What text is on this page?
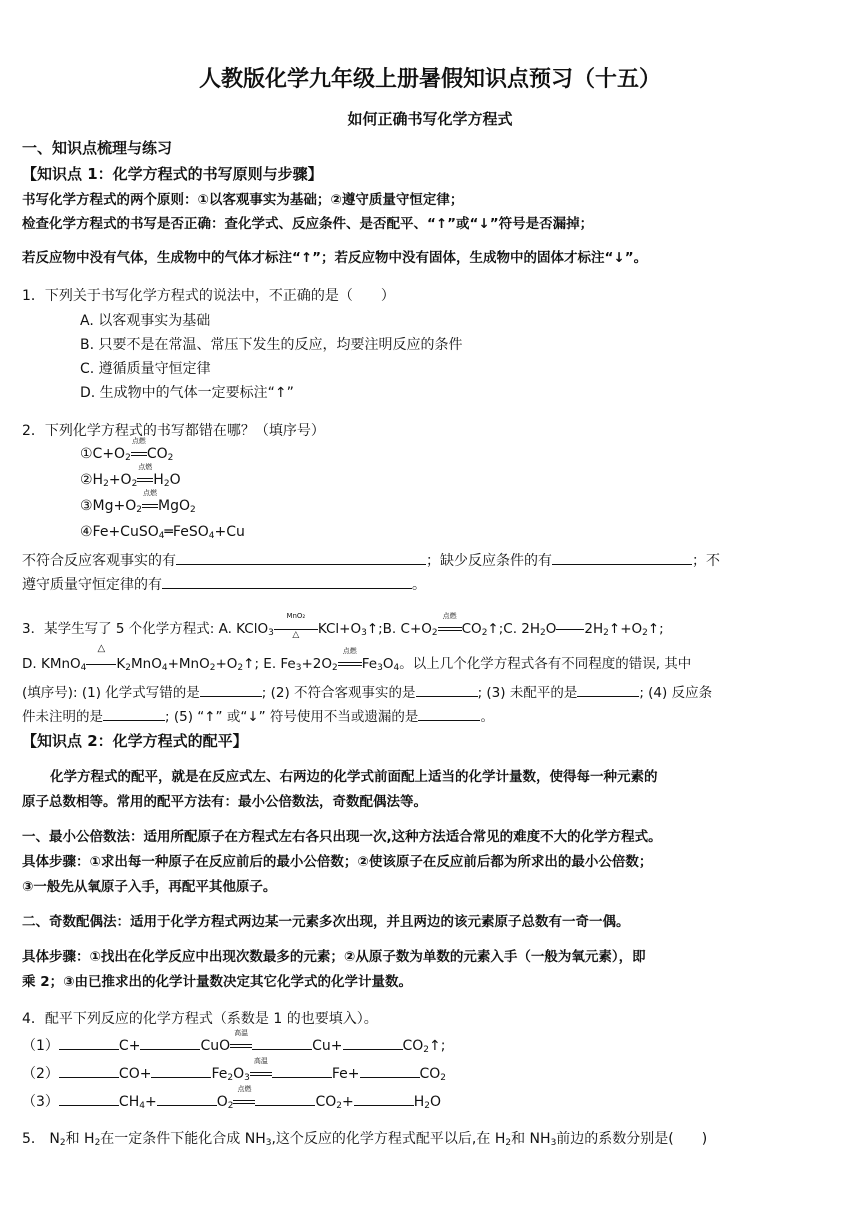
人教版化学九年级上册暑假知识点预习（十五）
如何正确书写化学方程式
一、知识点梳理与练习
【知识点 1：化学方程式的书写原则与步骤】
书写化学方程式的两个原则：①以客观事实为基础；②遵守质量守恒定律；
检查化学方程式的书写是否正确：查化学式、反应条件、是否配平、“↑”或“↓”符号是否漏掉；
若反应物中没有气体，生成物中的气体才标注“↑”；若反应物中没有固体，生成物中的固体才标注“↓”。
1．下列关于书写化学方程式的说法中，不正确的是（　　）
A. 以客观事实为基础
B. 只要不是在常温、常压下发生的反应，均要注明反应的条件
C. 遵循质量守恒定律
D. 生成物中的气体一定要标注“↑”
2．下列化学方程式的书写都错在哪？（填序号）
$①C+O_2$
点燃
$CO_2$
$②H_2+O_2$
点燃
$H_2O$
$③Mg+O_2$
点燃
MgO$_2$
④Fe+CuSO$_4$═FeSO$_4$+Cu
不符合反应客观事实的有	；缺少反应条件的有	；不
遵守质量守恒定律的有	。
3．某学生写了 5 个化学方程式: A. KClO$_3$
MnO₂
△	$KCl+O_3↑;B$. $C+O_2$
点燃
$CO_2↑;C$. $2H_2O$ $2H_2↑+O_2↑$;
D. KMnO$_4$
△
$K_2MnO_4+MnO_2+O_2↑$; E. $Fe_3+2O_2$
点燃
$Fe_3O_4$。以上几个化学方程式各有不同程度的错误, 其中
(填序号): (1) 化学式写错的是	; (2) 不符合客观事实的是	; (3) 未配平的是	; (4) 反应条
件未注明的是	; (5) “↑” 或“↓” 符号使用不当或遗漏的是	。
【知识点 2：化学方程式的配平】
化学方程式的配平，就是在反应式左、右两边的化学式前面配上适当的化学计量数，使得每一种元素的
原子总数相等。常用的配平方法有：最小公倍数法，奇数配偶法等。
一、最小公倍数法：适用所配原子在方程式左右各只出现一次,这种方法适合常见的难度不大的化学方程式。
具体步骤：①求出每一种原子在反应前后的最小公倍数；②使该原子在反应前后都为所求出的最小公倍数；
③一般先从氧原子入手，再配平其他原子。
二、奇数配偶法：适用于化学方程式两边某一元素多次出现，并且两边的该元素原子总数有一奇一偶。
具体步骤：①找出在化学反应中出现次数最多的元素；②从原子数为单数的元素入手（一般为氧元素），即
乘 2；③由已推求出的化学计量数决定其它化学式的化学计量数。
4．配平下列反应的化学方程式（系数是 1 的也要填入）。
（1）	C+	CuO
高温
Cu+	$CO_2↑$;
（2）	CO+	$Fe_2O_3$
高温
Fe+	$CO_2$
（3）	$CH_4+$	$O_2$
点燃
$CO_2+$	$H_2O$
5． $N_2$和 $H_2$在一定条件下能化合成 $NH_3$,这个反应的化学方程式配平以后,在 $H_2$和 $NH_3$前边的系数分别是(　　)
